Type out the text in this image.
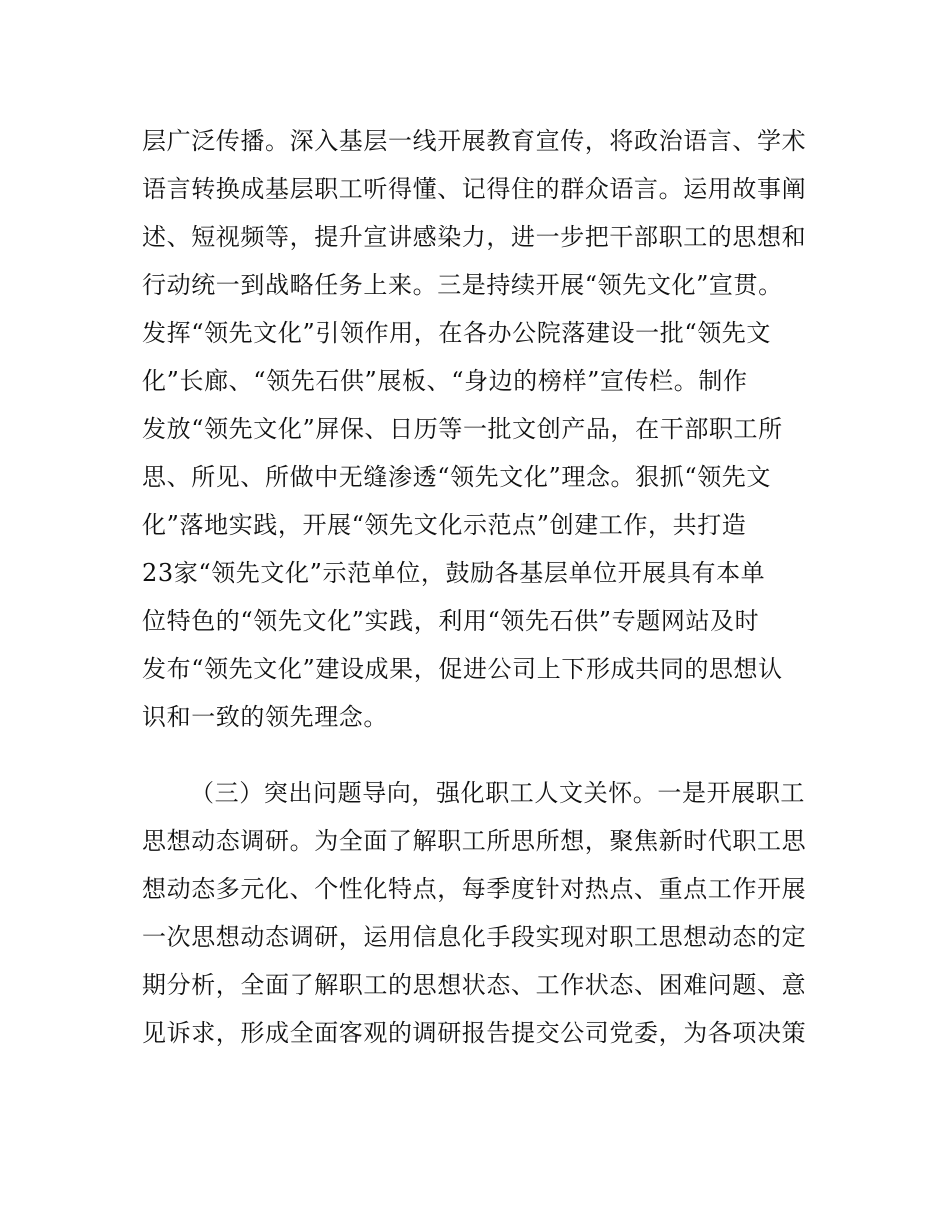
层广泛传播。深入基层一线开展教育宣传，将政治语言、学术
语言转换成基层职工听得懂、记得住的群众语言。运用故事阐
述、短视频等，提升宣讲感染力，进一步把干部职工的思想和
行动统一到战略任务上来。三是持续开展“领先文化”宣贯。
发挥“领先文化”引领作用，在各办公院落建设一批“领先文
化”长廊、“领先石供”展板、“身边的榜样”宣传栏。制作
发放“领先文化”屏保、日历等一批文创产品，在干部职工所
思、所见、所做中无缝渗透“领先文化”理念。狠抓“领先文
化”落地实践，开展“领先文化示范点”创建工作，共打造
23家“领先文化”示范单位，鼓励各基层单位开展具有本单
位特色的“领先文化”实践，利用“领先石供”专题网站及时
发布“领先文化”建设成果，促进公司上下形成共同的思想认
识和一致的领先理念。
（三）突出问题导向，强化职工人文关怀。一是开展职工
思想动态调研。为全面了解职工所思所想，聚焦新时代职工思
想动态多元化、个性化特点，每季度针对热点、重点工作开展
一次思想动态调研，运用信息化手段实现对职工思想动态的定
期分析，全面了解职工的思想状态、工作状态、困难问题、意
见诉求，形成全面客观的调研报告提交公司党委，为各项决策
